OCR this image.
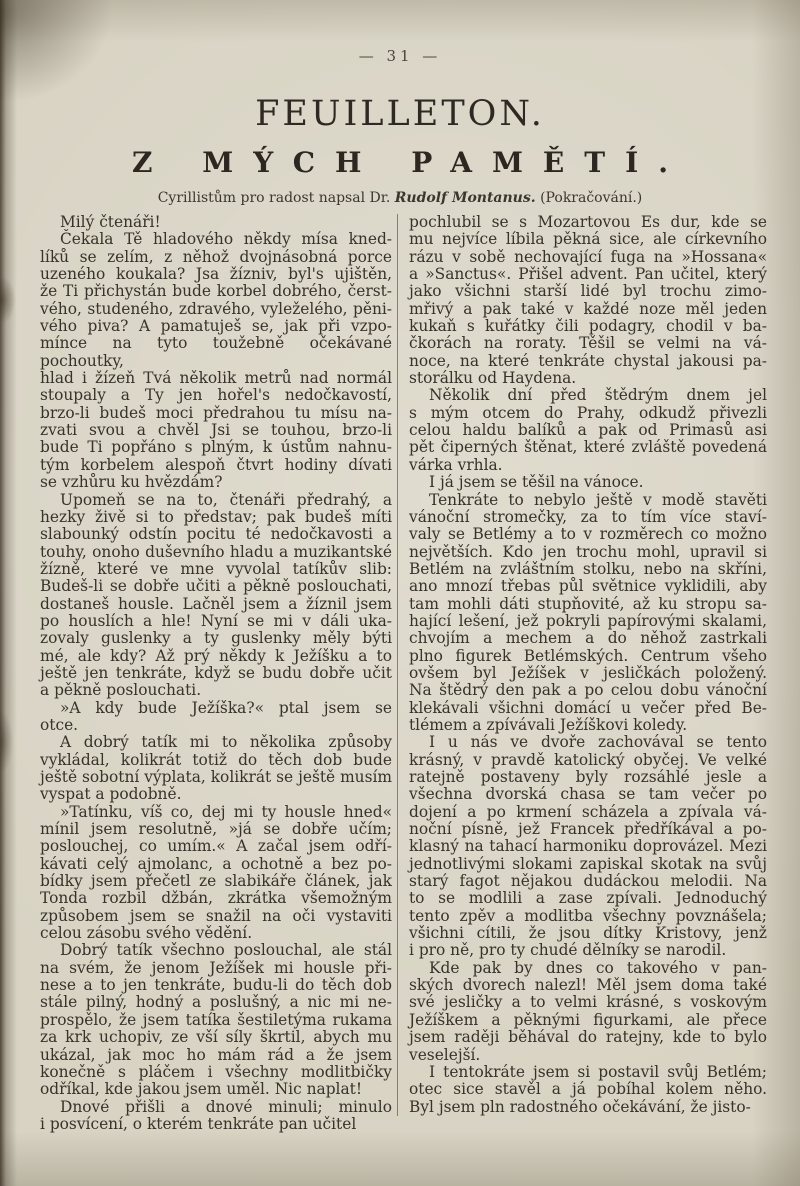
— 31 —
FEUILLETON.
Z MÝCH PAMĚTÍ.
Cyrillistům pro radost napsal Dr. Rudolf Montanus. (Pokračování.)
Milý čtenáři!
Čekala Tě hladového někdy mísa kned-
líků se zelím, z něhož dvojnásobná porce
uzeného koukala? Jsa žízniv, byl's ujištěn,
že Ti přichystán bude korbel dobrého, čerst-
vého, studeného, zdravého, vyleželého, pěni-
vého piva? A pamatuješ se, jak při vzpo-
mínce na tyto toužebně očekávané pochoutky,
hlad i žízeň Tvá několik metrů nad normál
stoupaly a Ty jen hořel's nedočkavostí,
brzo-li budeš moci předrahou tu mísu na-
zvati svou a chvěl Jsi se touhou, brzo-li
bude Ti popřáno s plným, k ústům nahnu-
tým korbelem alespoň čtvrt hodiny dívati
se vzhůru ku hvězdám?
Upomeň se na to, čtenáři předrahý, a
hezky živě si to představ; pak budeš míti
slabounký odstín pocitu té nedočkavosti a
touhy, onoho duševního hladu a muzikantské
žízně, které ve mne vyvolal tatíkův slib:
Budeš-li se dobře učiti a pěkně poslouchati,
dostaneš housle. Lačněl jsem a žíznil jsem
po houslích a hle! Nyní se mi v dáli uka-
zovaly guslenky a ty guslenky měly býti
mé, ale kdy? Až prý někdy k Ježíšku a to
ještě jen tenkráte, když se budu dobře učit
a pěkně poslouchati.
»A kdy bude Ježíška?« ptal jsem se
otce.
A dobrý tatík mi to několika způsoby
vykládal, kolikrát totiž do těch dob bude
ještě sobotní výplata, kolikrát se ještě musím
vyspat a podobně.
»Tatínku, víš co, dej mi ty housle hned«
mínil jsem resolutně, »já se dobře učím;
poslouchej, co umím.« A začal jsem odří-
kávati celý ajmolanc, a ochotně a bez po-
bídky jsem přečetl ze slabikáře článek, jak
Tonda rozbil džbán, zkrátka všemožným
způsobem jsem se snažil na oči vystaviti
celou zásobu svého vědění.
Dobrý tatík všechno poslouchal, ale stál
na svém, že jenom Ježíšek mi housle při-
nese a to jen tenkráte, budu-li do těch dob
stále pilný, hodný a poslušný, a nic mi ne-
prospělo, že jsem tatíka šestiletýma rukama
za krk uchopiv, ze vší síly škrtil, abych mu
ukázal, jak moc ho mám rád a že jsem
konečně s pláčem i všechny modlitbičky
odříkal, kde jakou jsem uměl. Nic naplat!
Dnové přišli a dnové minuli; minulo
i posvícení, o kterém tenkráte pan učitel
pochlubil se s Mozartovou Es dur, kde se
mu nejvíce líbila pěkná sice, ale církevního
rázu v sobě nechovající fuga na »Hossana«
a »Sanctus«. Přišel advent. Pan učitel, který
jako všichni starší lidé byl trochu zimo-
mřivý a pak také v každé noze měl jeden
kukaň s kuřátky čili podagry, chodil v ba-
čkorách na roraty. Těšil se velmi na vá-
noce, na které tenkráte chystal jakousi pa-
storálku od Haydena.
Několik dní před štědrým dnem jel
s mým otcem do Prahy, odkudž přivezli
celou haldu balíků a pak od Primasů asi
pět čiperných štěnat, které zvláště povedená
várka vrhla.
I já jsem se těšil na vánoce.
Tenkráte to nebylo ještě v modě stavěti
vánoční stromečky, za to tím více staví-
valy se Betlémy a to v rozměrech co možno
největších. Kdo jen trochu mohl, upravil si
Betlém na zvláštním stolku, nebo na skříni,
ano mnozí třebas půl světnice vyklidili, aby
tam mohli dáti stupňovité, až ku stropu sa-
hající lešení, jež pokryli papírovými skalami,
chvojím a mechem a do něhož zastrkali
plno figurek Betlémských. Centrum všeho
ovšem byl Ježíšek v jesličkách položený.
Na štědrý den pak a po celou dobu vánoční
klekávali všichni domácí u večer před Be-
tlémem a zpívávali Ježíškovi koledy.
I u nás ve dvoře zachovával se tento
krásný, v pravdě katolický obyčej. Ve velké
ratejně postaveny byly rozsáhlé jesle a
všechna dvorská chasa se tam večer po
dojení a po krmení scházela a zpívala vá-
noční písně, jež Francek předříkával a po-
klasný na tahací harmoniku doprovázel. Mezi
jednotlivými slokami zapiskal skotak na svůj
starý fagot nějakou dudáckou melodii. Na
to se modlili a zase zpívali. Jednoduchý
tento zpěv a modlitba všechny povznášela;
všichni cítili, že jsou dítky Kristovy, jenž
i pro ně, pro ty chudé dělníky se narodil.
Kde pak by dnes co takového v pan-
ských dvorech nalezl! Měl jsem doma také
své jesličky a to velmi krásné, s voskovým
Ježíškem a pěknými figurkami, ale přece
jsem raději běhával do ratejny, kde to bylo
veselejší.
I tentokráte jsem si postavil svůj Betlém;
otec sice stavěl a já pobíhal kolem něho.
Byl jsem pln radostného očekávání, že jisto-
